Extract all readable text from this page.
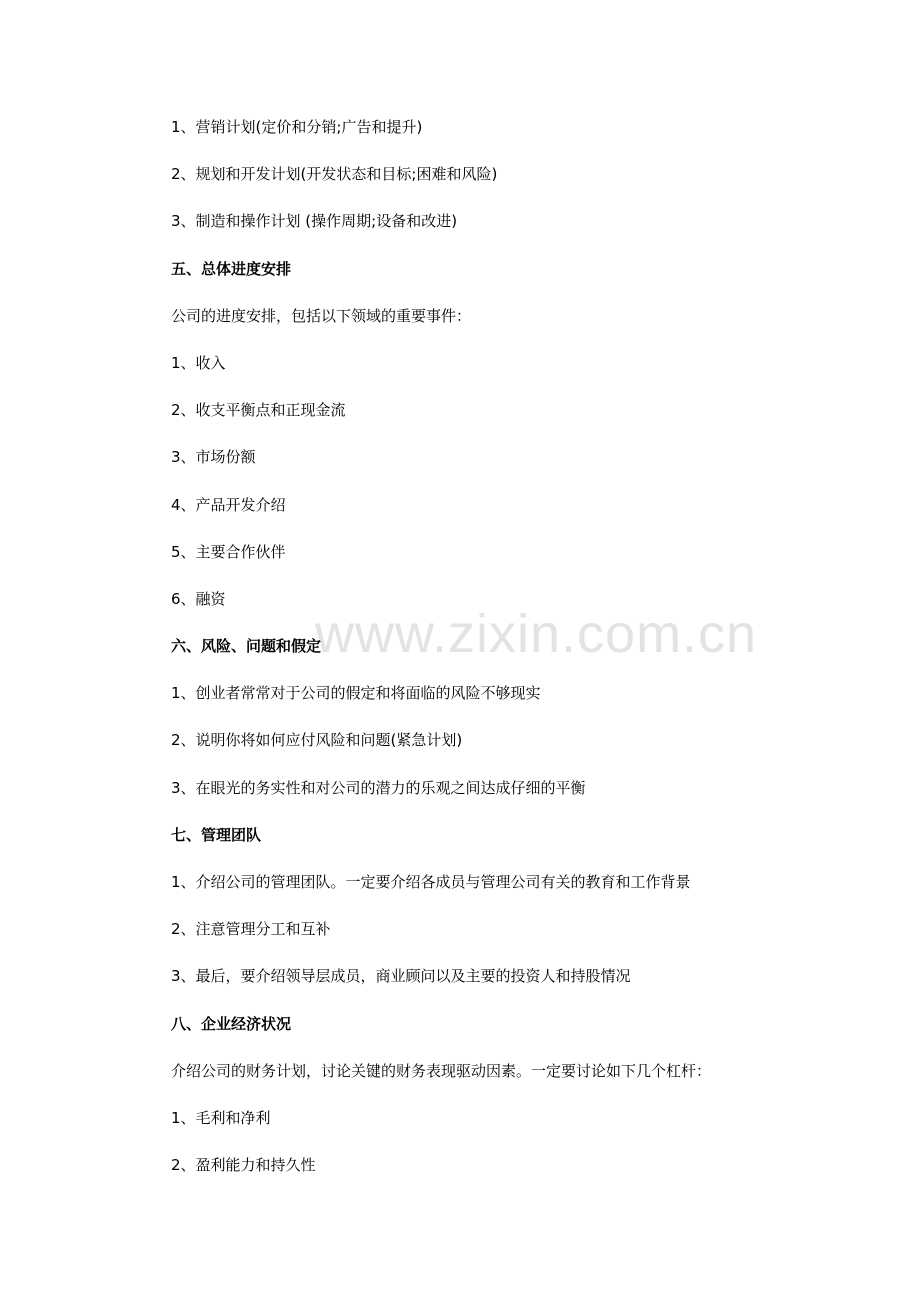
www.zixin.com.cn
1、营销计划(定价和分销;广告和提升)
2、规划和开发计划(开发状态和目标;困难和风险)
3、制造和操作计划 (操作周期;设备和改进)
五、总体进度安排
公司的进度安排，包括以下领域的重要事件：
1、收入
2、收支平衡点和正现金流
3、市场份额
4、产品开发介绍
5、主要合作伙伴
6、融资
六、风险、问题和假定
1、创业者常常对于公司的假定和将面临的风险不够现实
2、说明你将如何应付风险和问题(紧急计划)
3、在眼光的务实性和对公司的潜力的乐观之间达成仔细的平衡
七、管理团队
1、介绍公司的管理团队。一定要介绍各成员与管理公司有关的教育和工作背景
2、注意管理分工和互补
3、最后，要介绍领导层成员，商业顾问以及主要的投资人和持股情况
八、企业经济状况
介绍公司的财务计划，讨论关键的财务表现驱动因素。一定要讨论如下几个杠杆：
1、毛利和净利
2、盈利能力和持久性
